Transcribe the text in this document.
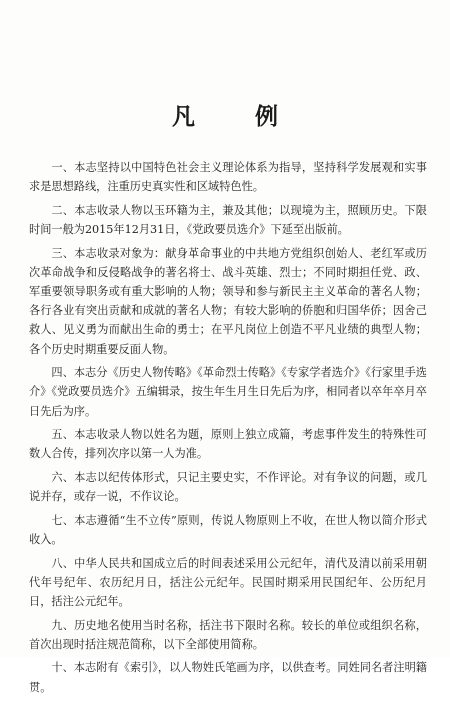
凡 例

一、本志坚持以中国特色社会主义理论体系为指导，坚持科学发展观和实事求是思想路线，注重历史真实性和区域特色性。

二、本志收录人物以玉环籍为主，兼及其他；以现境为主，照顾历史。下限时间一般为2015年12月31日，《党政要员选介》下延至出版前。

三、本志收录对象为：献身革命事业的中共地方党组织创始人、老红军或历次革命战争和反侵略战争的著名将士、战斗英雄、烈士；不同时期担任党、政、军重要领导职务或有重大影响的人物；领导和参与新民主主义革命的著名人物；各行各业有突出贡献和成就的著名人物；有较大影响的侨胞和归国华侨；因舍己救人、见义勇为而献出生命的勇士；在平凡岗位上创造不平凡业绩的典型人物；各个历史时期重要反面人物。

四、本志分《历史人物传略》《革命烈士传略》《专家学者选介》《行家里手选介》《党政要员选介》五编辑录，按生年生月生日先后为序，相同者以卒年卒月卒日先后为序。

五、本志收录人物以姓名为题，原则上独立成篇，考虑事件发生的特殊性可数人合传，排列次序以第一人为准。

六、本志以纪传体形式，只记主要史实，不作评论。对有争议的问题，或几说并存，或存一说，不作议论。

七、本志遵循“生不立传”原则，传说人物原则上不收，在世人物以简介形式收入。

八、中华人民共和国成立后的时间表述采用公元纪年，清代及清以前采用朝代年号纪年、农历纪月日，括注公元纪年。民国时期采用民国纪年、公历纪月日，括注公元纪年。

九、历史地名使用当时名称，括注书下限时名称。较长的单位或组织名称，首次出现时括注规范简称，以下全部使用简称。

十、本志附有《索引》，以人物姓氏笔画为序，以供查考。同姓同名者注明籍贯。
